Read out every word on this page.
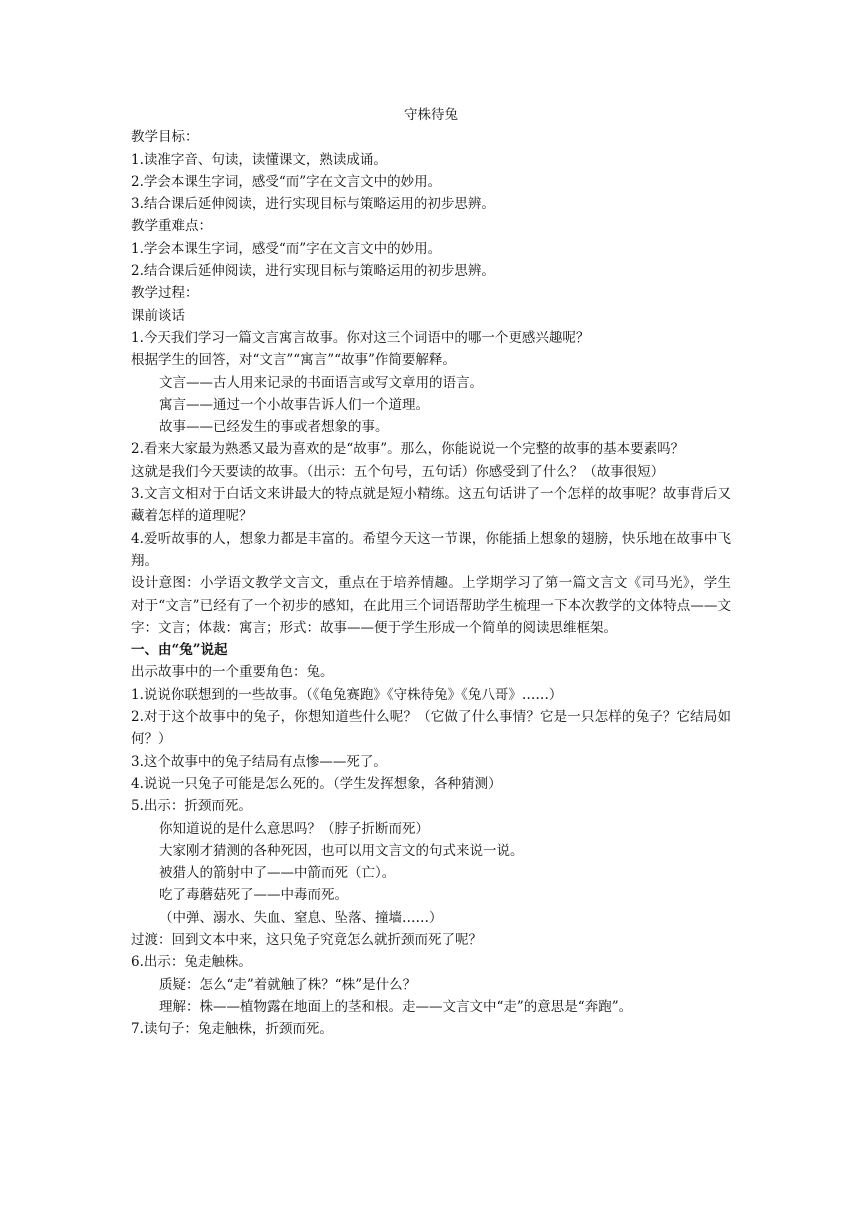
守株待兔

教学目标：

1.读准字音、句读，读懂课文，熟读成诵。

2.学会本课生字词，感受“而”字在文言文中的妙用。

3.结合课后延伸阅读，进行实现目标与策略运用的初步思辨。

教学重难点：

1.学会本课生字词，感受“而”字在文言文中的妙用。

2.结合课后延伸阅读，进行实现目标与策略运用的初步思辨。

教学过程：

课前谈话

1.今天我们学习一篇文言寓言故事。你对这三个词语中的哪一个更感兴趣呢？

根据学生的回答，对“文言”“寓言”“故事”作简要解释。

文言——古人用来记录的书面语言或写文章用的语言。

寓言——通过一个小故事告诉人们一个道理。

故事——已经发生的事或者想象的事。

2.看来大家最为熟悉又最为喜欢的是“故事”。那么，你能说说一个完整的故事的基本要素吗？

这就是我们今天要读的故事。（出示：五个句号，五句话）你感受到了什么？（故事很短）

3.文言文相对于白话文来讲最大的特点就是短小精练。这五句话讲了一个怎样的故事呢？故事背后又藏着怎样的道理呢？

4.爱听故事的人，想象力都是丰富的。希望今天这一节课，你能插上想象的翅膀，快乐地在故事中飞翔。

设计意图：小学语文教学文言文，重点在于培养情趣。上学期学习了第一篇文言文《司马光》，学生对于“文言”已经有了一个初步的感知，在此用三个词语帮助学生梳理一下本次教学的文体特点——文字：文言；体裁：寓言；形式：故事——便于学生形成一个简单的阅读思维框架。

一、由“兔”说起

出示故事中的一个重要角色：兔。

1.说说你联想到的一些故事。（《龟兔赛跑》《守株待兔》《兔八哥》……）

2.对于这个故事中的兔子，你想知道些什么呢？（它做了什么事情？它是一只怎样的兔子？它结局如何？）

3.这个故事中的兔子结局有点惨——死了。

4.说说一只兔子可能是怎么死的。（学生发挥想象，各种猜测）

5.出示：折颈而死。

你知道说的是什么意思吗？（脖子折断而死）

大家刚才猜测的各种死因，也可以用文言文的句式来说一说。

被猎人的箭射中了——中箭而死（亡）。

吃了毒蘑菇死了——中毒而死。

（中弹、溺水、失血、窒息、坠落、撞墙……）

过渡：回到文本中来，这只兔子究竟怎么就折颈而死了呢？

6.出示：兔走触株。

质疑：怎么“走”着就触了株？“株”是什么？

理解：株——植物露在地面上的茎和根。走——文言文中“走”的意思是“奔跑”。

7.读句子：兔走触株，折颈而死。
